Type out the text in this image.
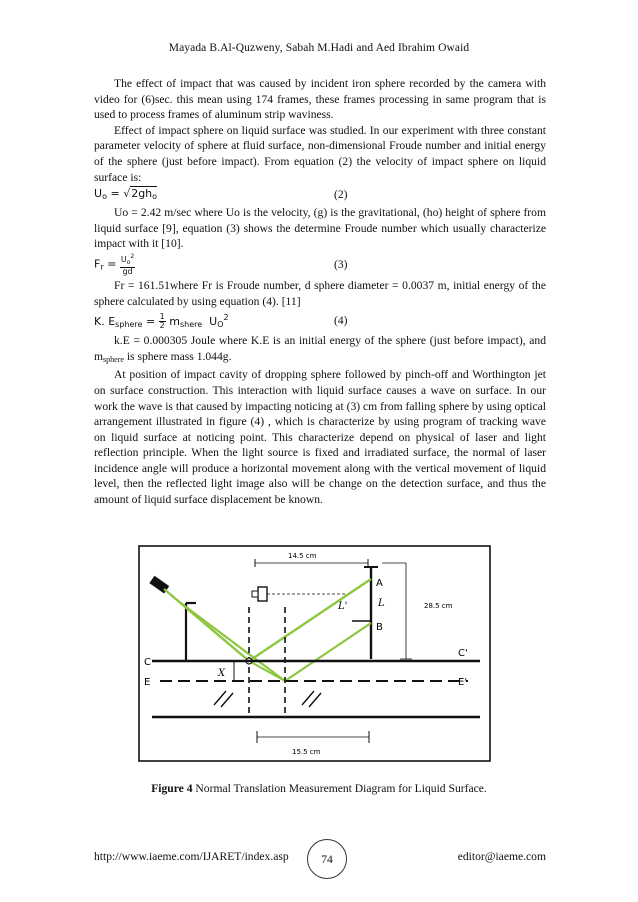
Mayada B.Al-Quzweny, Sabah M.Hadi and Aed Ibrahim Owaid

The effect of impact that was caused by incident iron sphere recorded by the camera with video for (6)sec. this mean using 174 frames, these frames processing in same program that is used to process frames of aluminum strip waviness.

Effect of impact sphere on liquid surface was studied. In our experiment with three constant parameter velocity of sphere at fluid surface, non-dimensional Froude number and initial energy of the sphere (just before impact). From equation (2) the velocity of impact sphere on liquid surface is:

$U_o = √2gh_o$	(2)

Uo = 2.42 m/sec where Uo is the velocity, (g) is the gravitational, (ho) height of sphere from liquid surface [9], equation (3) shows the determine Froude number which usually characterize impact with it [10].

$F_r = \frac{U_o^2}{gd}$	(3)

Fr = 161.51where Fr is Froude number, d sphere diameter = 0.0037 m, initial energy of the sphere calculated by using equation (4). [11]

K. $E_{sphere} = \frac{1}{2} m_{shere}$  $U_O^2$	(4)

k.E = 0.000305 Joule where K.E is an initial energy of the sphere (just before impact), and $m_{sphere}$ is sphere mass 1.044g.

At position of impact cavity of dropping sphere followed by pinch-off and Worthington jet on surface construction. This interaction with liquid surface causes a wave on surface. In our work the wave is that caused by impacting noticing at (3) cm from falling sphere by using optical arrangement illustrated in figure (4) , which is characterize by using program of tracking wave on liquid surface at noticing point. This characterize depend on physical of laser and light reflection principle. When the light source is fixed and irradiated surface, the normal of laser incidence angle will produce a horizontal movement along with the vertical movement of liquid level, then the reflected light image also will be change on the detection surface, and thus the amount of liquid surface displacement be known.

14.5 cm
28.5 cm
A
B
L
L'
X
C
C'
E	E'
15.5 cm
Figure 4 Normal Translation Measurement Diagram for Liquid Surface.
http://www.iaeme.com/IJARET/index.asp	74	editor@iaeme.com
